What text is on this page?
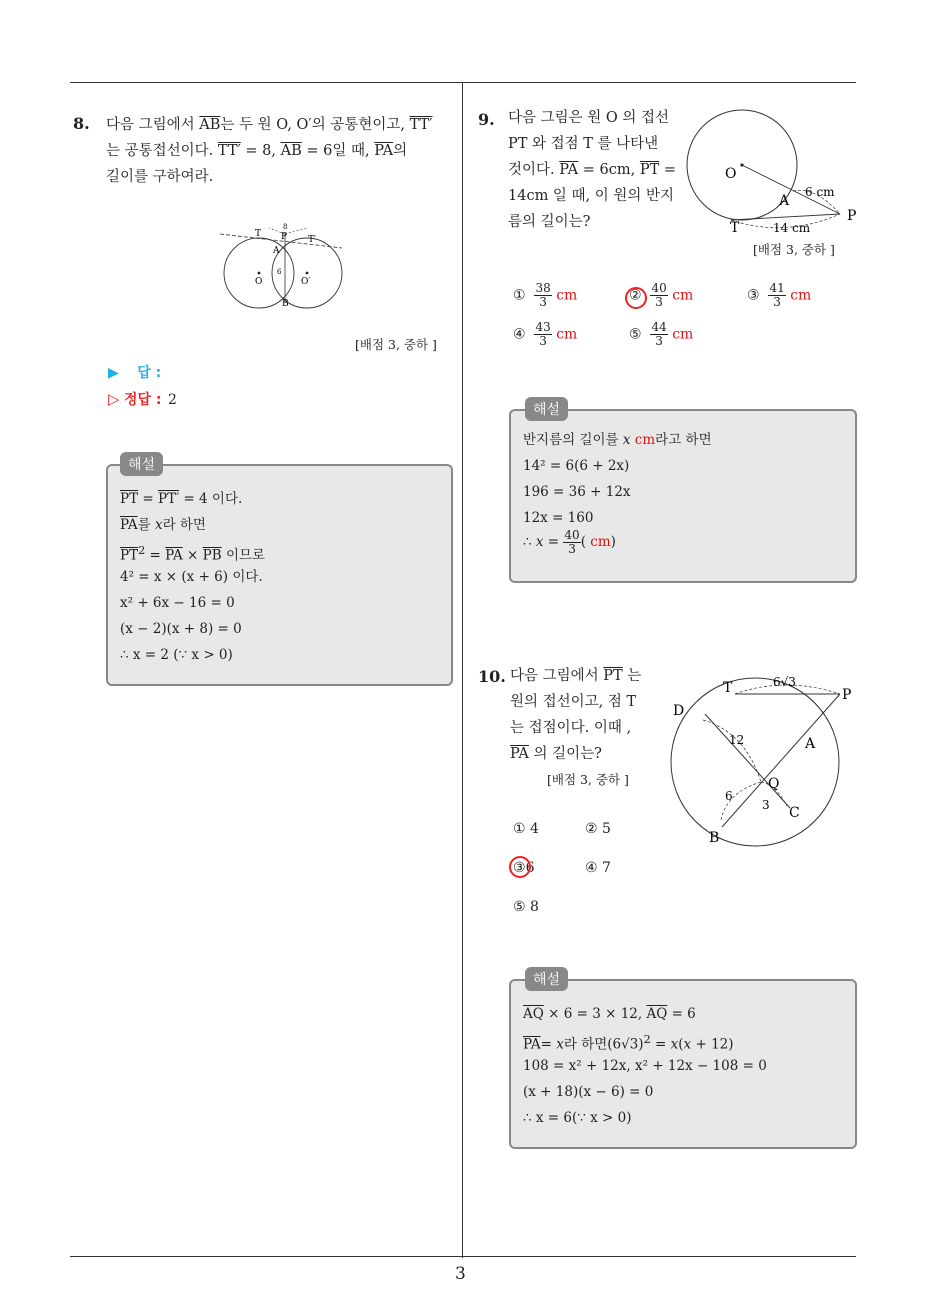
3
8. 다음 그림에서 $\overline{AB}$는 두 원 O, O′의 공통현이고, TT′
는 공통접선이다. TT′ = 8, $\overline{AB} = 6$일 때, $\overline{PA}$의
길이를 구하여라.
T P
8
T′
A
6
B
O	O′
[배점 3, 중하 ]
▶ 답 :
▷ 정답 : 2
해설
$\overline{PT} = PT' = 4$ 이다.
$\overline{PA}$를 x라 하면
$\overline{PT}^2 = \overline{PA} \times \overline{PB}$ 이므로
4² = x × (x + 6) 이다.
x² + 6x − 16 = 0
(x − 2)(x + 8) = 0
∴ x = 2 (∵ x > 0)
9. 다음 그림은 원 O 의 접선
PT 와 접점 T 를 나타낸
것이다. $\overline{PA} = 6cm$, $\overline{PT}$ =
14cm 일 때, 이 원의 반지
름의 길이는?
O
A
6 cm
P
T	14 cm
[배점 3, 중하 ]
① $\frac{38}{3}$ cm	② $\frac{40}{3}$ cm	③ $\frac{41}{3}$ cm
④ $\frac{43}{3}$ cm	⑤ $\frac{44}{3}$ cm
해설
반지름의 길이를 x cm라고 하면
14² = 6(6 + 2x)
196 = 36 + 12x
12x = 160
∴ $x = \frac{40}{3}$ ( cm)
10. 다음 그림에서 $\overline{PT}$ 는
원의 접선이고, 점 T
는 접점이다. 이때 ,
$\overline{PA}$ 의 길이는?
[배점 3, 중하 ]
T	6√3
P
D
12	A
Q
6
3 C
B
① 4	② 5
③6	④ 7
⑤ 8
해설
$\overline{AQ} \times 6 = 3 \times 12$, $\overline{AQ} = 6$
$\overline{PA}= x$라 하면$(6√3)^2 = x(x + 12)$
108 = x² + 12x, x² + 12x − 108 = 0
(x + 18)(x − 6) = 0
∴ x = 6(∵ x > 0)
